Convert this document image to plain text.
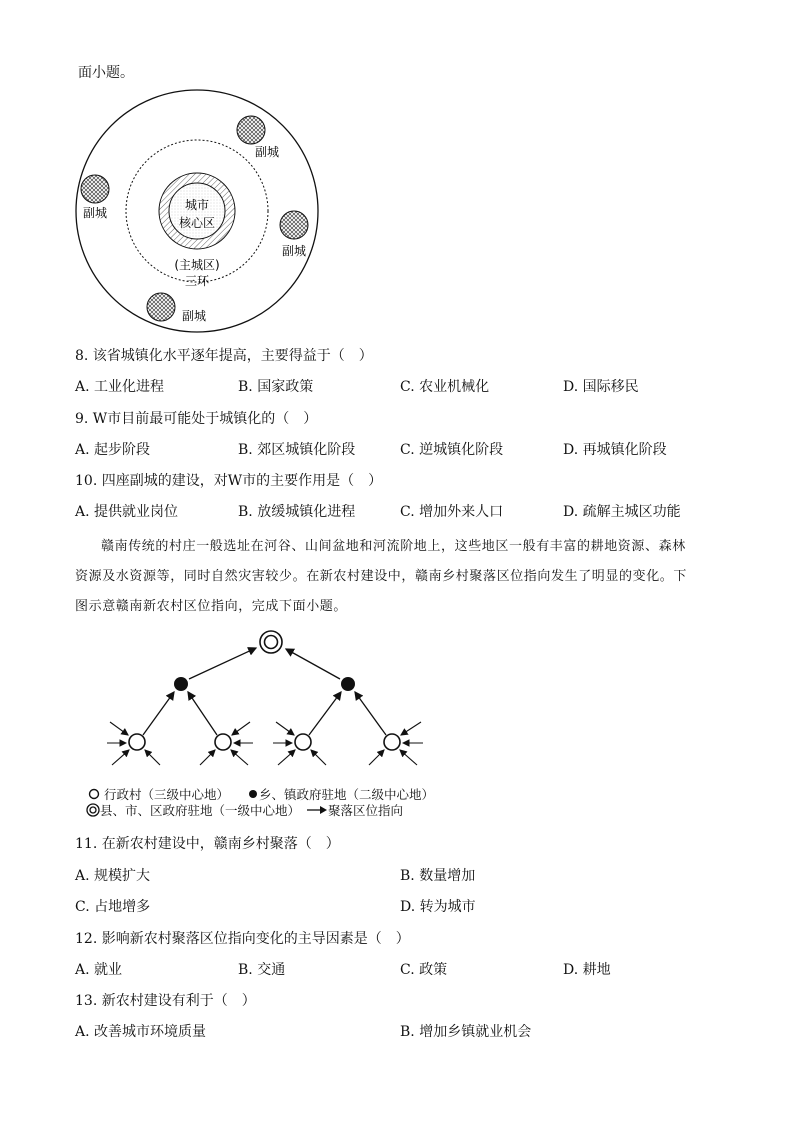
面小题。
城市
核心区
(主城区)
三环
副城
副城
副城
副城
8. 该省城镇化水平逐年提高，主要得益于（　）
A. 工业化进程	B. 国家政策	C. 农业机械化	D. 国际移民
9. W市目前最可能处于城镇化的（　）
A. 起步阶段	B. 郊区城镇化阶段	C. 逆城镇化阶段	D. 再城镇化阶段
10. 四座副城的建设，对W市的主要作用是（　）
A. 提供就业岗位	B. 放缓城镇化进程	C. 增加外来人口	D. 疏解主城区功能
赣南传统的村庄一般选址在河谷、山间盆地和河流阶地上，这些地区一般有丰富的耕地资源、森林
资源及水资源等，同时自然灾害较少。在新农村建设中，赣南乡村聚落区位指向发生了明显的变化。下
图示意赣南新农村区位指向，完成下面小题。
行政村（三级中心地） 乡、镇政府驻地（二级中心地）
县、市、区政府驻地（一级中心地） 聚落区位指向
11. 在新农村建设中，赣南乡村聚落（　）
A. 规模扩大	B. 数量增加
C. 占地增多	D. 转为城市
12. 影响新农村聚落区位指向变化的主导因素是（　）
A. 就业	B. 交通	C. 政策	D. 耕地
13. 新农村建设有利于（　）
A. 改善城市环境质量	B. 增加乡镇就业机会
